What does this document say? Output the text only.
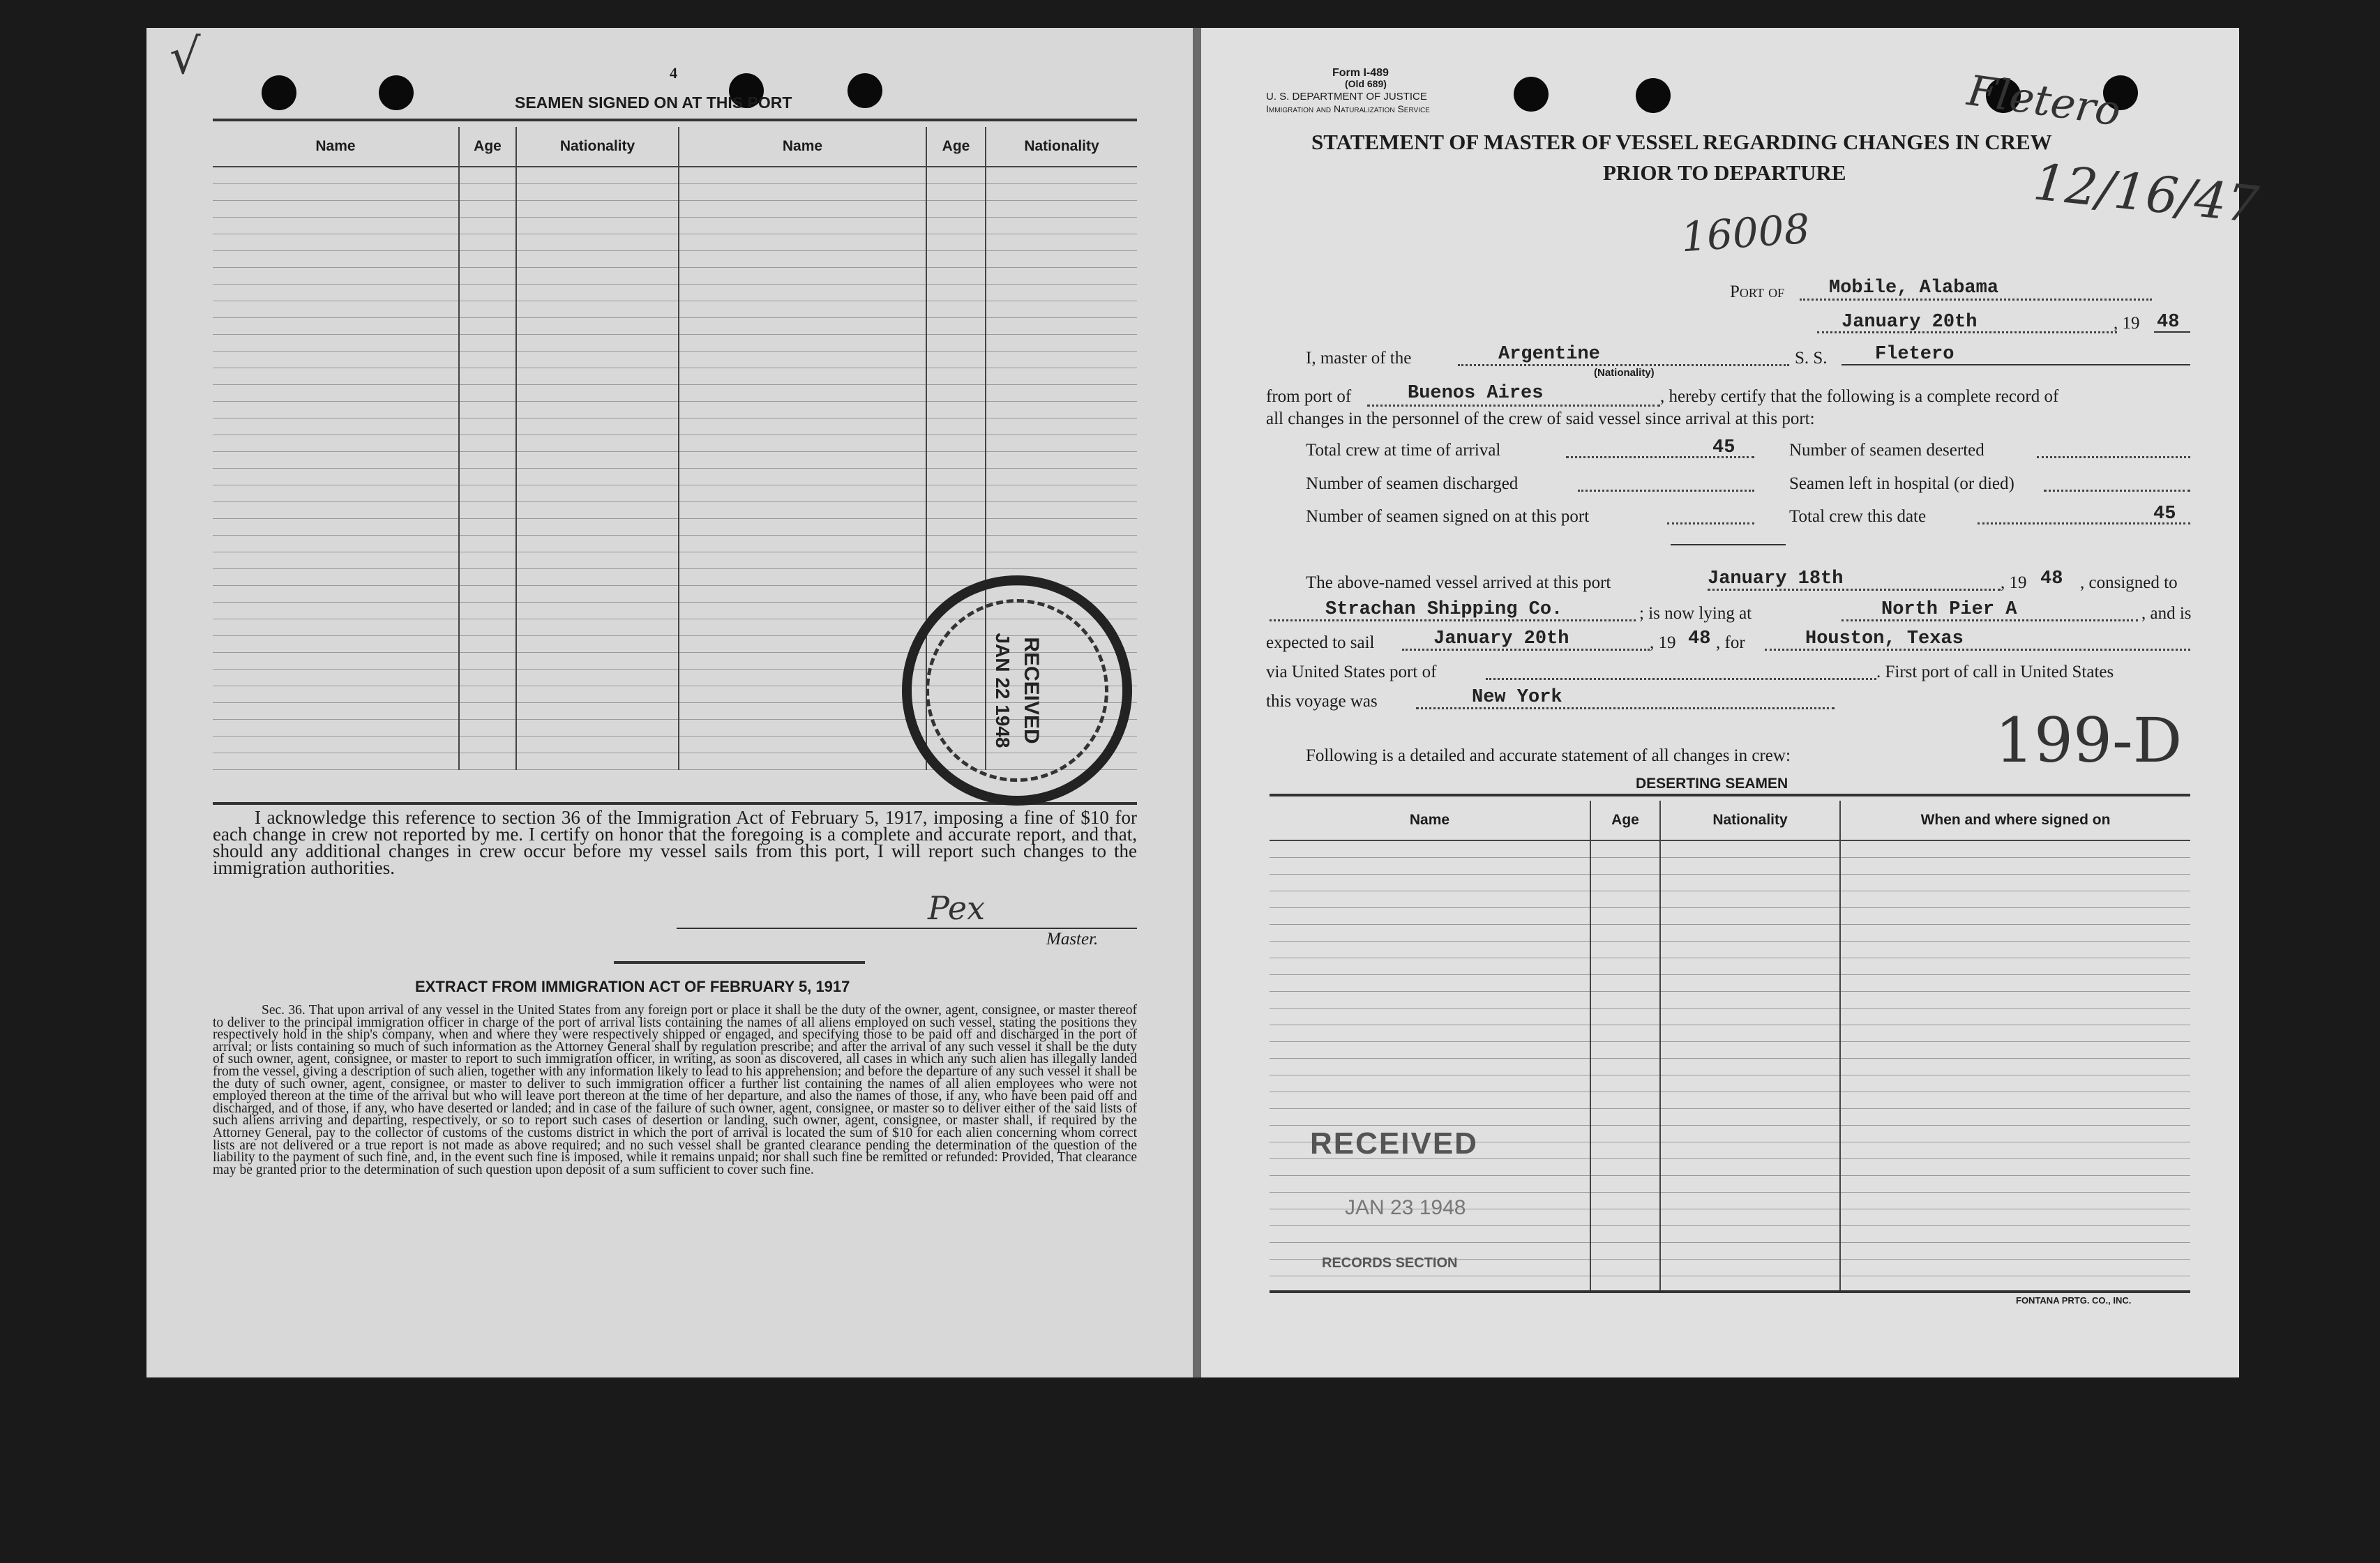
√	4
SEAMEN SIGNED ON AT THIS PORT
Name	Age	Nationality	Name	Age	Nationality

RECEIVED
JAN 22 1948
I acknowledge this reference to section 36 of the Immigration Act of February 5, 1917, imposing a fine of $10 for each change in crew not reported by me. I certify on honor that the foregoing is a complete and accurate report, and that, should any additional changes in crew occur before my vessel sails from this port, I will report such changes to the immigration authorities.
Pex
Master.
EXTRACT FROM IMMIGRATION ACT OF FEBRUARY 5, 1917
Sec. 36. That upon arrival of any vessel in the United States from any foreign port or place it shall be the duty of the owner, agent, consignee, or master thereof to deliver to the principal immigration officer in charge of the port of arrival lists containing the names of all aliens employed on such vessel, stating the positions they respectively hold in the ship's company, when and where they were respectively shipped or engaged, and specifying those to be paid off and discharged in the port of arrival; or lists containing so much of such information as the Attorney General shall by regulation prescribe; and after the arrival of any such vessel it shall be the duty of such owner, agent, consignee, or master to report to such immigration officer, in writing, as soon as discovered, all cases in which any such alien has illegally landed from the vessel, giving a description of such alien, together with any information likely to lead to his apprehension; and before the departure of any such vessel it shall be the duty of such owner, agent, consignee, or master to deliver to such immigration officer a further list containing the names of all alien employees who were not employed thereon at the time of the arrival but who will leave port thereon at the time of her departure, and also the names of those, if any, who have been paid off and discharged, and of those, if any, who have deserted or landed; and in case of the failure of such owner, agent, consignee, or master so to deliver either of the said lists of such aliens arriving and departing, respectively, or so to report such cases of desertion or landing, such owner, agent, consignee, or master shall, if required by the Attorney General, pay to the collector of customs of the customs district in which the port of arrival is located the sum of $10 for each alien concerning whom correct lists are not delivered or a true report is not made as above required; and no such vessel shall be granted clearance pending the determination of the question of the liability to the payment of such fine, and, in the event such fine is imposed, while it remains unpaid; nor shall such fine be remitted or refunded: Provided, That clearance may be granted prior to the determination of such question upon deposit of a sum sufficient to cover such fine.
Form I-489
(Old 689)
U. S. DEPARTMENT OF JUSTICE
Immigration and Naturalization Service	Fletero
STATEMENT OF MASTER OF VESSEL REGARDING CHANGES IN CREW
PRIOR TO DEPARTURE	12/16/47
16008
Port of Mobile, Alabama
January 20th	, 19 48
I, master of the	Argentine
(Nationality)
S. S.	Fletero
from port of	Buenos Aires	, hereby certify that the following is a complete record of
all changes in the personnel of the crew of said vessel since arrival at this port:
Total crew at time of arrival	45	Number of seamen deserted
Number of seamen discharged	Seamen left in hospital (or died)
Number of seamen signed on at this port	Total crew this date	45
The above-named vessel arrived at this port	January 18th	, 19 48 , consigned to
Strachan Shipping Co.	; is now lying at	North Pier A	, and is
expected to sail	January 20th	, 19 48 , for	Houston, Texas
via United States port of	. First port of call in United States
this voyage was	New York
199-D
Following is a detailed and accurate statement of all changes in crew:
DESERTING SEAMEN
Name	Age	Nationality	When and where signed on

RECEIVED
JAN 23 1948
RECORDS SECTION
FONTANA PRTG. CO., INC.
